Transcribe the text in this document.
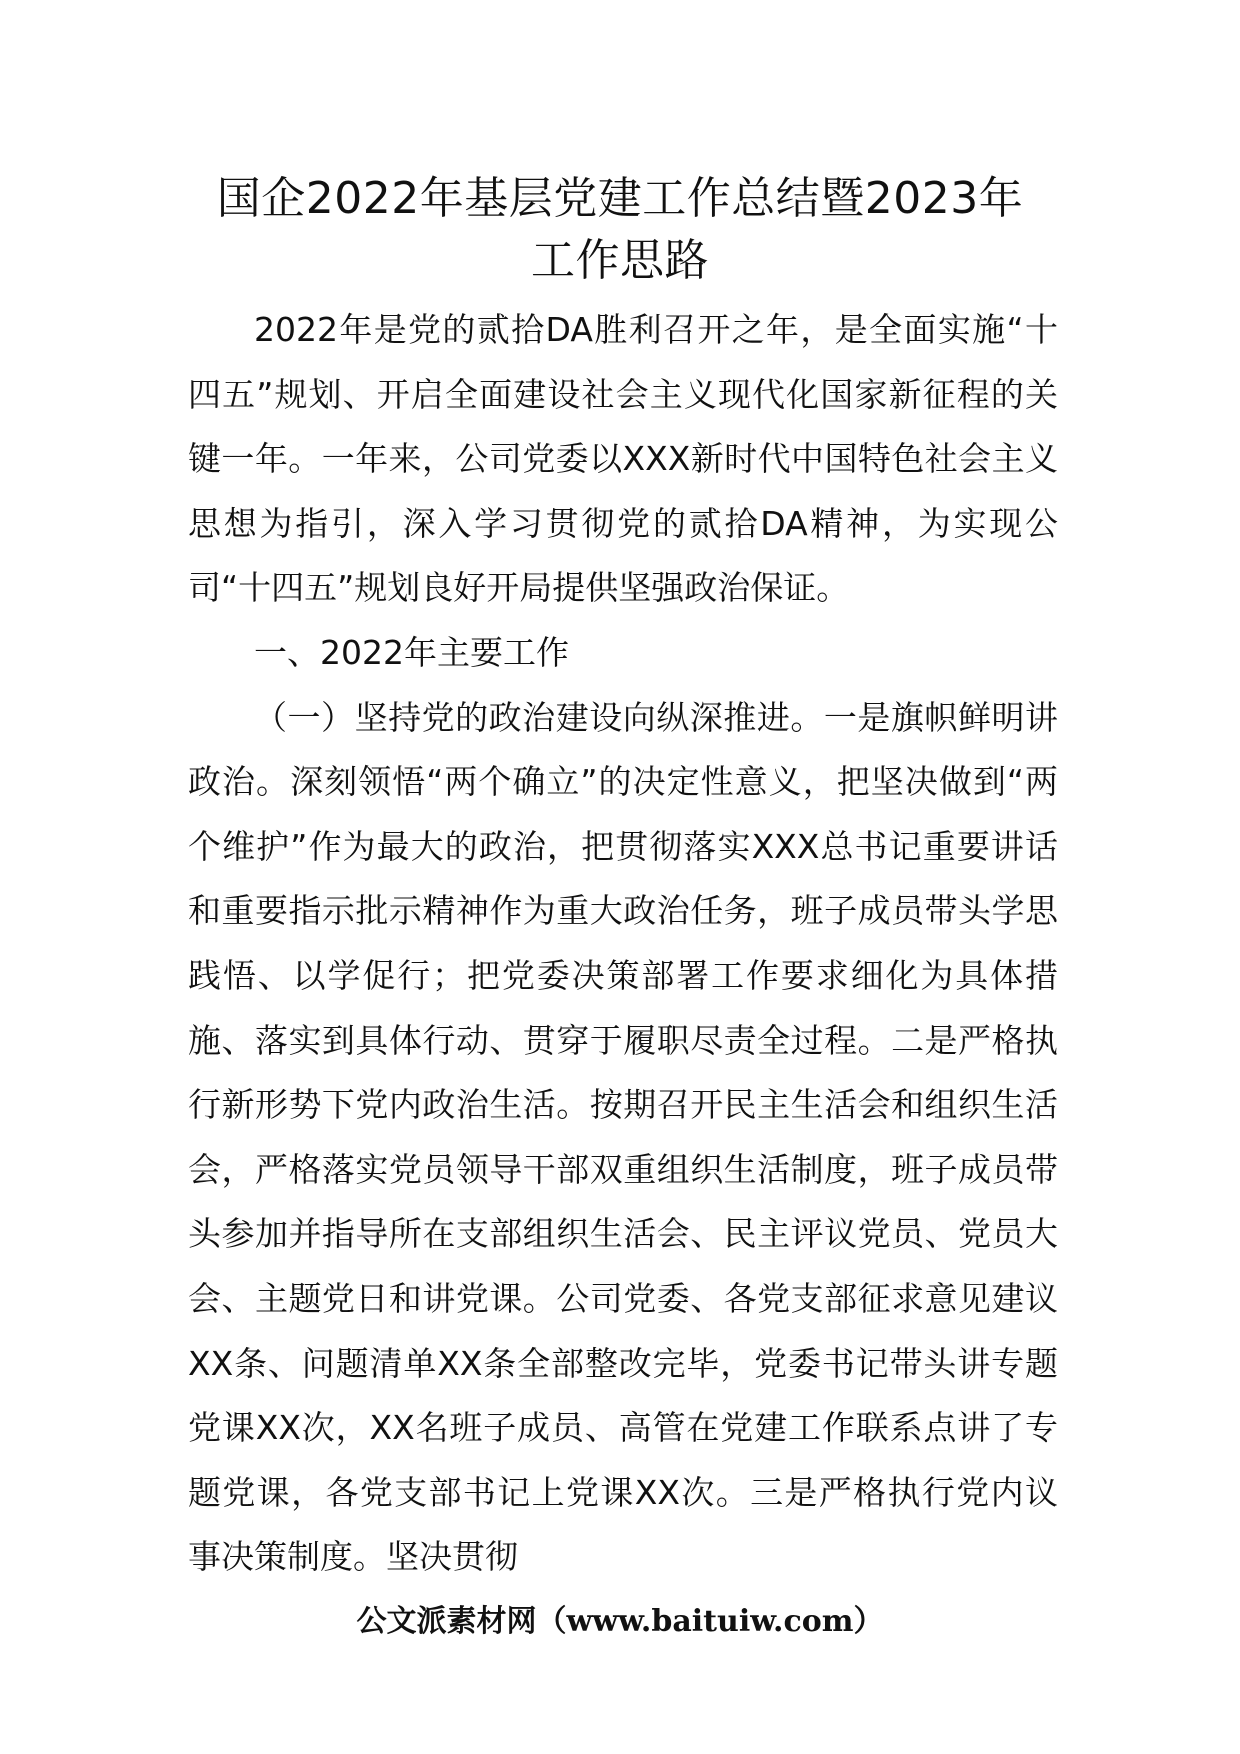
国企2022年基层党建工作总结暨2023年
工作思路

2022年是党的贰拾DA胜利召开之年，是全面实施“十四五”规划、开启全面建设社会主义现代化国家新征程的关键一年。一年来，公司党委以XXX新时代中国特色社会主义思想为指引，深入学习贯彻党的贰拾DA精神，为实现公司“十四五”规划良好开局提供坚强政治保证。

一、2022年主要工作

（一）坚持党的政治建设向纵深推进。一是旗帜鲜明讲政治。深刻领悟“两个确立”的决定性意义，把坚决做到“两个维护”作为最大的政治，把贯彻落实XXX总书记重要讲话和重要指示批示精神作为重大政治任务，班子成员带头学思践悟、以学促行；把党委决策部署工作要求细化为具体措施、落实到具体行动、贯穿于履职尽责全过程。二是严格执行新形势下党内政治生活。按期召开民主生活会和组织生活会，严格落实党员领导干部双重组织生活制度，班子成员带头参加并指导所在支部组织生活会、民主评议党员、党员大会、主题党日和讲党课。公司党委、各党支部征求意见建议XX条、问题清单XX条全部整改完毕，党委书记带头讲专题党课XX次，XX名班子成员、高管在党建工作联系点讲了专题党课，各党支部书记上党课XX次。三是严格执行党内议事决策制度。坚决贯彻

公文派素材网（www.baituiw.com）
